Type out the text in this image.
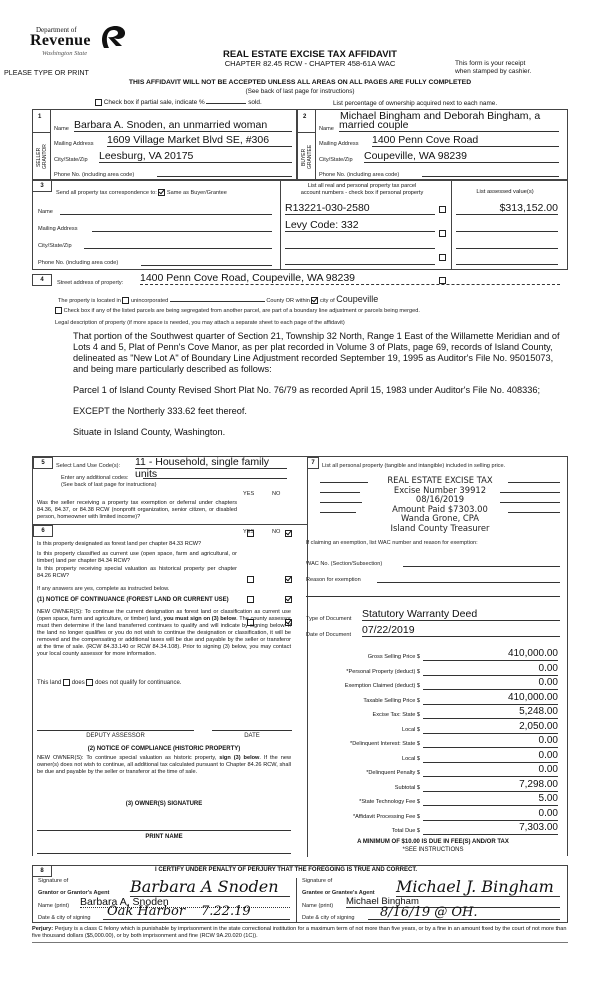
Department of
Revenue
Washington State
PLEASE TYPE OR PRINT
REAL ESTATE EXCISE TAX AFFIDAVIT
CHAPTER 82.45 RCW - CHAPTER 458-61A WAC	This form is your receipt
when stamped by cashier.
THIS AFFIDAVIT WILL NOT BE ACCEPTED UNLESS ALL AREAS ON ALL PAGES ARE FULLY COMPLETED
(See back of last page for instructions)
Check box if partial sale, indicate %	sold.	List percentage of ownership acquired next to each name.
1
SELLER GRANTOR
Name Barbara A. Snoden, an unmarried woman
Mailing Address 1609 Village Market Blvd SE, #306
City/State/Zip Leesburg, VA 20175
Phone No. (including area code)
2
BUYER GRANTEE
Michael Bingham and Deborah Bingham, a
Name married couple
Mailing Address 1400 Penn Cove Road
City/State/Zip Coupeville, WA 98239
Phone No. (including area code)
3
Send all property tax correspondence to: Same as Buyer/Grantee
Name
Mailing Address
City/State/Zip
Phone No. (including area code)
List all real and personal property tax parcel
account numbers - check box if personal property	List assessed value(s)
R13221-030-2580	$313,152.00
Levy Code: 332
4	Street address of property: 1400 Penn Cove Road, Coupeville, WA 98239
The property is located in unincorporated	County OR within city of Coupeville
Check box if any of the listed parcels are being segregated from another parcel, are part of a boundary line adjustment or parcels being merged.
Legal description of property (if more space is needed, you may attach a separate sheet to each page of the affidavit)
That portion of the Southwest quarter of Section 21, Township 32 North, Range 1 East of the Willamette Meridian and of Lots 4 and 5, Plat of Penn's Cove Manor, as per plat recorded in Volume 3 of Plats, page 69, records of Island County, delineated as "New Lot A" of Boundary Line Adjustment recorded September 19, 1995 as Auditor's File No. 95015073, and being mare particularly described as follows:
Parcel 1 of Island County Revised Short Plat No. 76/79 as recorded April 15, 1983 under Auditor's File No. 408336;
EXCEPT the Northerly 333.62 feet thereof.
Situate in Island County, Washington.
5	Select Land Use Code(s): 11 - Household, single family units
Enter any additional codes:
(See back of last page for instructions)
YES	NO

Was the seller receiving a property tax exemption or deferral under chapters 84.36, 84.37, or 84.38 RCW (nonprofit organization, senior citizen, or disabled person, homeowner with limited income)?

6	YES	NO

Is this property designated as forest land per chapter 84.33 RCW?

Is this property classified as current use (open space, farm and agricultural, or timber) land per chapter 84.34 RCW?

Is this property receiving special valuation as historical property per chapter 84.26 RCW?

If any answers are yes, complete as instructed below.
(1) NOTICE OF CONTINUANCE (FOREST LAND OR CURRENT USE)

NEW OWNER(S): To continue the current designation as forest land or classification as current use (open space, farm and agriculture, or timber) land, you must sign on (3) below. The county assessor must then determine if the land transferred continues to qualify and will indicate by signing below. If the land no longer qualifies or you do not wish to continue the designation or classification, it will be removed and the compensating or additional taxes will be due and payable by the seller or transferor at the time of sale. (RCW 84.33.140 or RCW 84.34.108). Prior to signing (3) below, you may contact your local county assessor for more information.

This land does does not qualify for continuance.
DEPUTY ASSESSOR	DATE
(2) NOTICE OF COMPLIANCE (HISTORIC PROPERTY)

NEW OWNER(S): To continue special valuation as historic property, sign (3) below. If the new owner(s) does not wish to continue, all additional tax calculated pursuant to Chapter 84.26 RCW, shall be due and payable by the seller or transferor at the time of sale.

(3) OWNER(S) SIGNATURE
PRINT NAME
7	List all personal property (tangible and intangible) included in selling price.
REAL ESTATE EXCISE TAX
Excise Number 39912
08/16/2019
Amount Paid $7303.00
Wanda Grone, CPA
Island County Treasurer
If claiming an exemption, list WAC number and reason for exemption:
WAC No. (Section/Subsection)
Reason for exemption
Type of Document Statutory Warranty Deed
Date of Document 07/22/2019
Gross Selling Price $	410,000.00
*Personal Property (deduct) $	0.00
Exemption Claimed (deduct) $	0.00
Taxable Selling Price $	410,000.00
Excise Tax: State $	5,248.00
Local $	2,050.00
*Delinquent Interest: State $	0.00
Local $	0.00
*Delinquent Penalty $	0.00
Subtotal $	7,298.00
*State Technology Fee $	5.00
*Affidavit Processing Fee $	0.00
Total Due $	7,303.00
A MINIMUM OF $10.00 IS DUE IN FEE(S) AND/OR TAX
*SEE INSTRUCTIONS
8	I CERTIFY UNDER PENALTY OF PERJURY THAT THE FOREGOING IS TRUE AND CORRECT.
Signature of
Grantor or Grantor's Agent Barbara A Snoden
Name (print) Barbara A. Snoden
Date & city of signing Oak Harbor 7.22.19
Signature of
Grantee or Grantee's Agent Michael J. Bingham
Name (print) Michael Bingham
Date & city of signing	8/16/19 @ OH.

Perjury: Perjury is a class C felony which is punishable by imprisonment in the state correctional institution for a maximum term of not more than five years, or by a fine in an amount fixed by the court of not more than five thousand dollars ($5,000.00), or by both imprisonment and fine (RCW 9A.20.020 (1C)).
